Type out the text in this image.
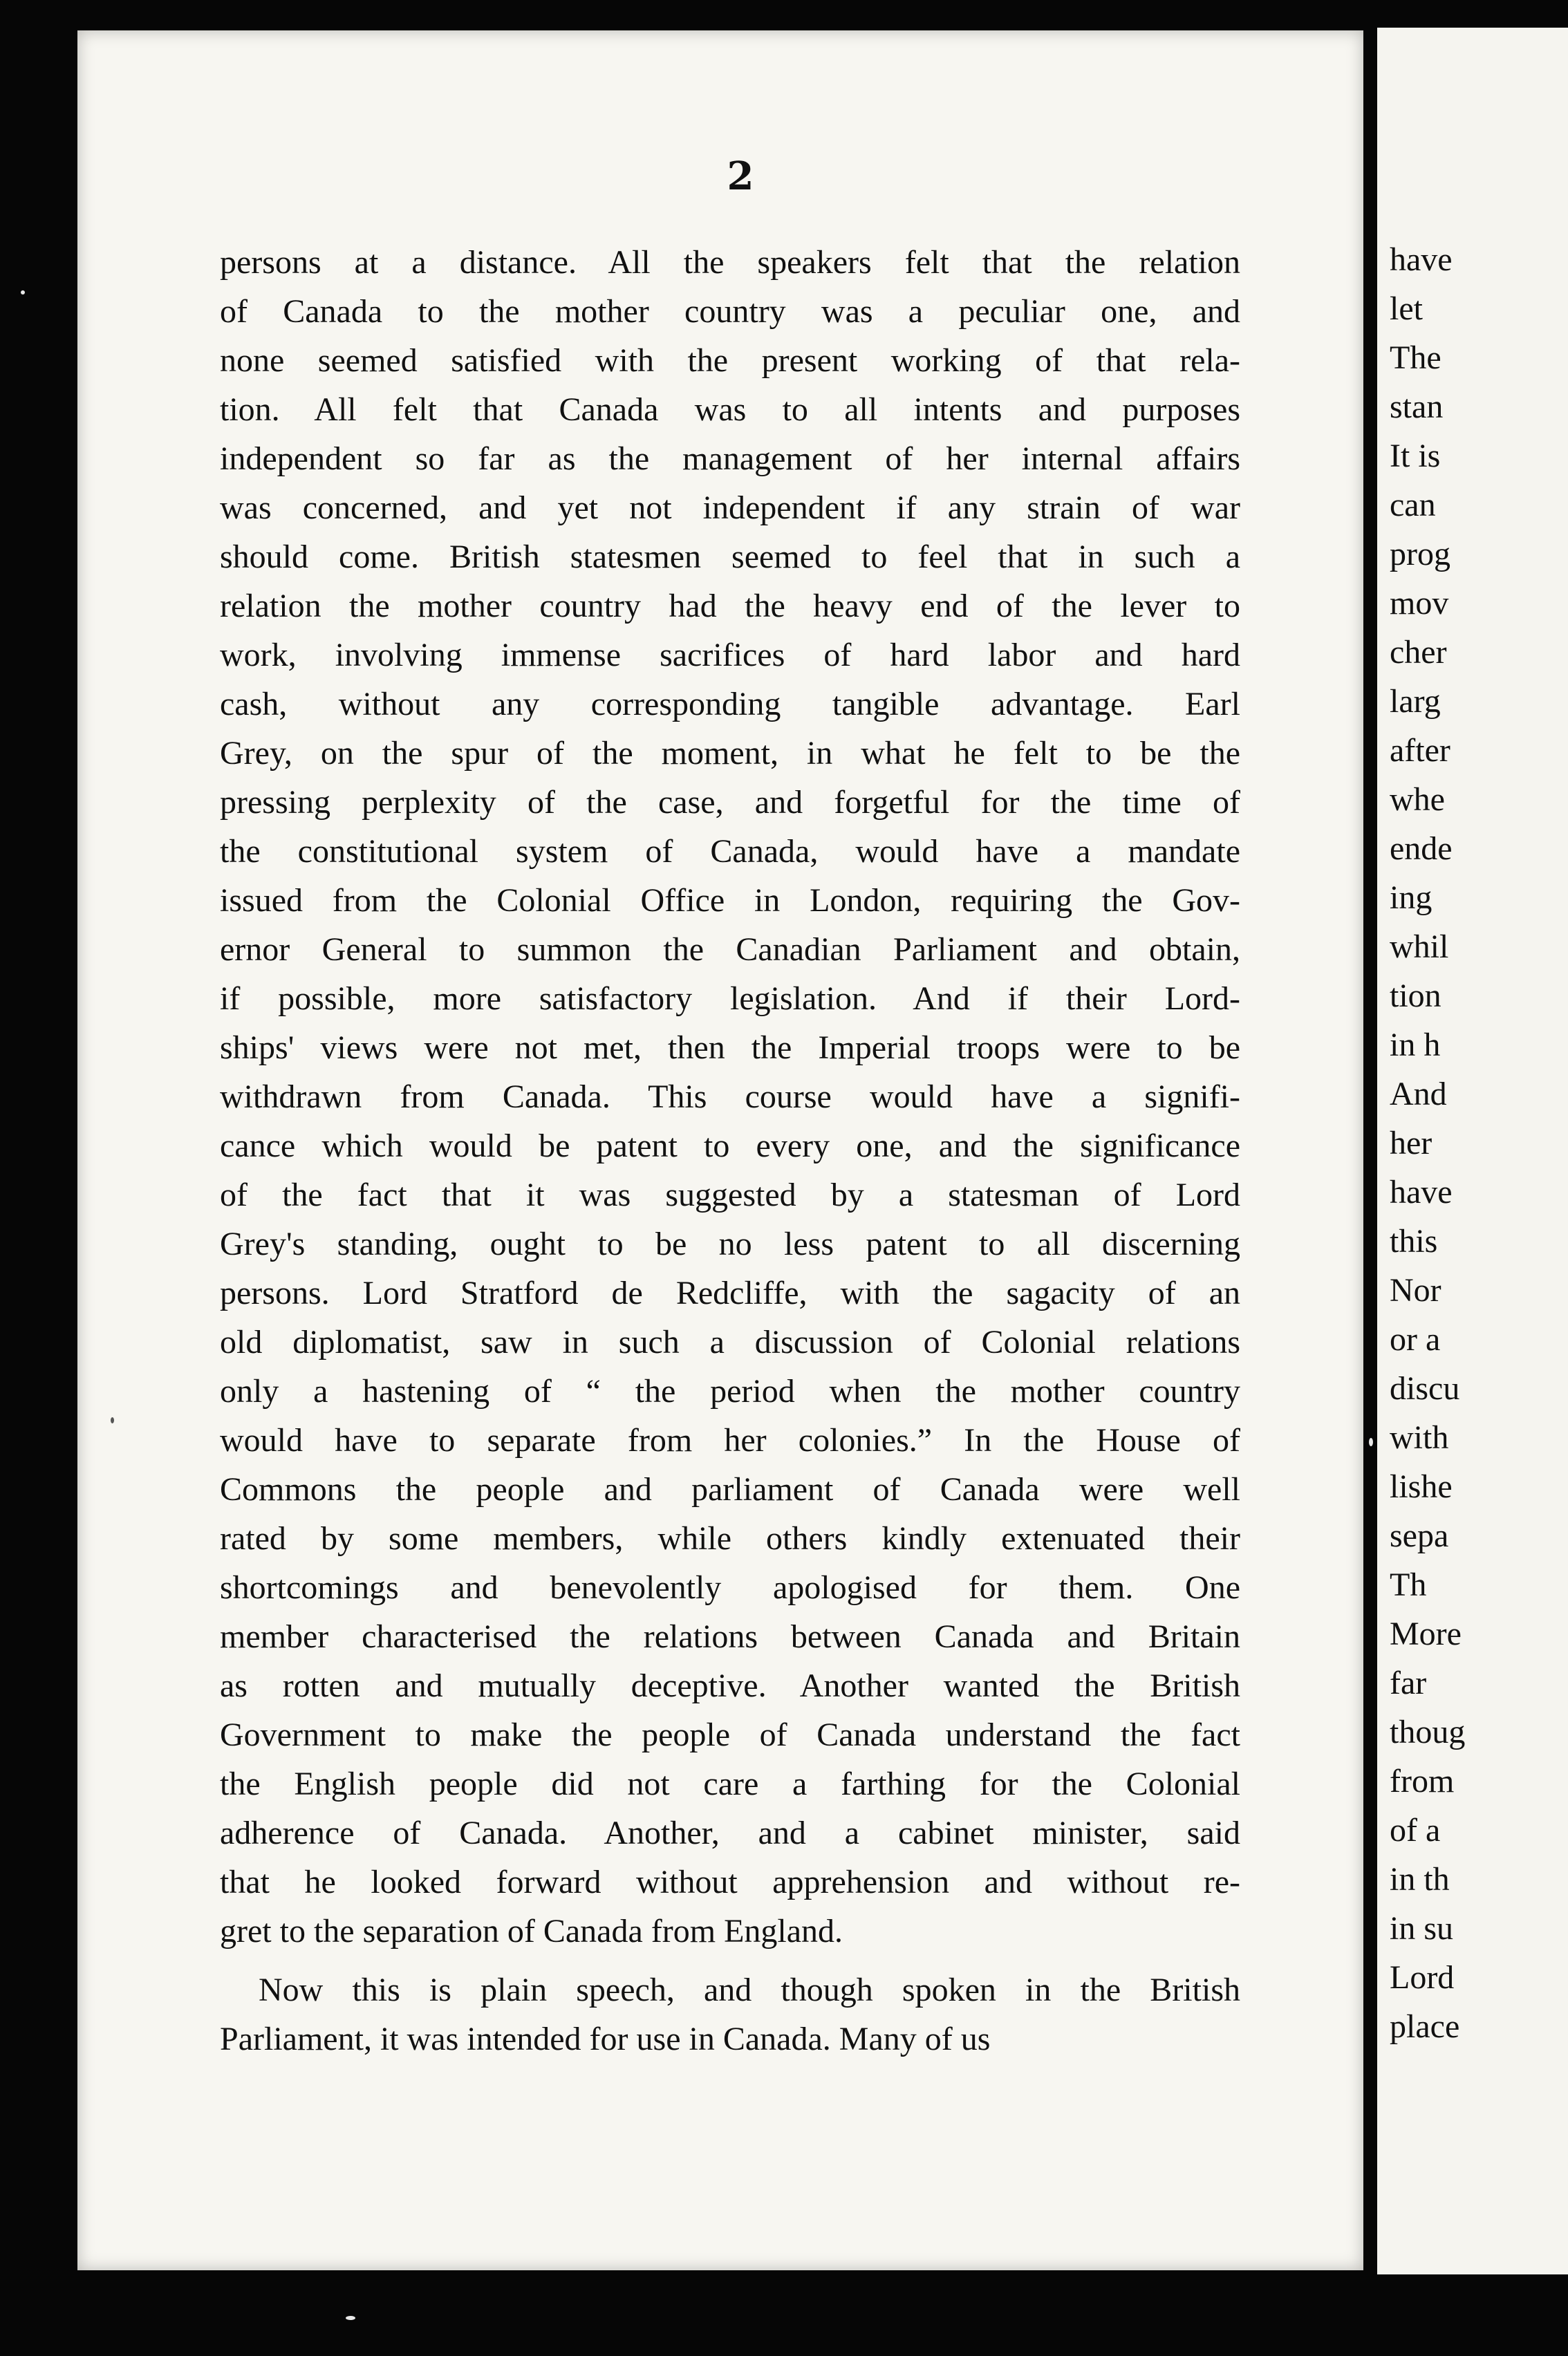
2
persons at a distance. All the speakers felt that the relation
of Canada to the mother country was a peculiar one, and
none seemed satisfied with the present working of that rela-
tion. All felt that Canada was to all intents and purposes
independent so far as the management of her internal affairs
was concerned, and yet not independent if any strain of war
should come. British statesmen seemed to feel that in such a
relation the mother country had the heavy end of the lever to
work, involving immense sacrifices of hard labor and hard
cash, without any corresponding tangible advantage. Earl
Grey, on the spur of the moment, in what he felt to be the
pressing perplexity of the case, and forgetful for the time of
the constitutional system of Canada, would have a mandate
issued from the Colonial Office in London, requiring the Gov-
ernor General to summon the Canadian Parliament and obtain,
if possible, more satisfactory legislation. And if their Lord-
ships' views were not met, then the Imperial troops were to be
withdrawn from Canada. This course would have a signifi-
cance which would be patent to every one, and the significance
of the fact that it was suggested by a statesman of Lord
Grey's standing, ought to be no less patent to all discerning
persons. Lord Stratford de Redcliffe, with the sagacity of an
old diplomatist, saw in such a discussion of Colonial relations
only a hastening of “ the period when the mother country
would have to separate from her colonies.” In the House of
Commons the people and parliament of Canada were well
rated by some members, while others kindly extenuated their
shortcomings and benevolently apologised for them. One
member characterised the relations between Canada and Britain
as rotten and mutually deceptive. Another wanted the British
Government to make the people of Canada understand the fact
the English people did not care a farthing for the Colonial
adherence of Canada. Another, and a cabinet minister, said
that he looked forward without apprehension and without re-
gret to the separation of Canada from England.
Now this is plain speech, and though spoken in the British
Parliament, it was intended for use in Canada. Many of us
have
let
The
stan
It is
can
prog
mov
cher
larg
after
whe
ende
ing
whil
tion
in h
And
her
have
this
Nor
or a
discu
with
lishe
sepa
Th
More
far
thoug
from
of a
in th
in su
Lord
place
